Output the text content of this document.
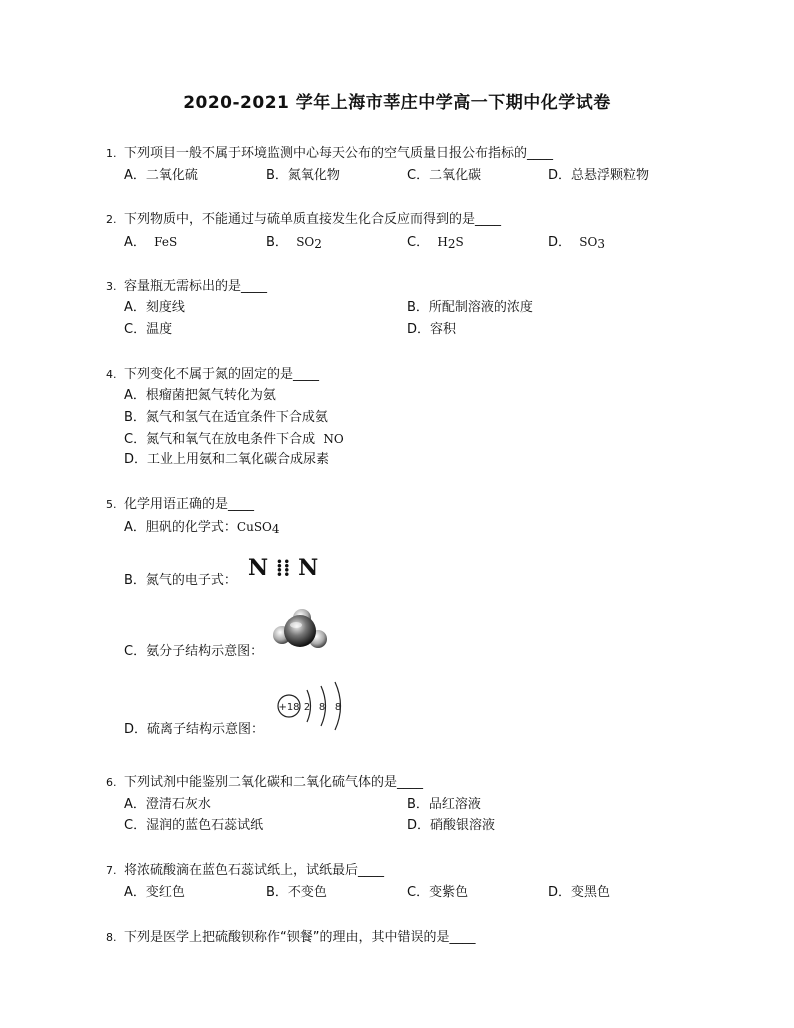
2020-2021 学年上海市莘庄中学高一下期中化学试卷
1. 下列项目一般不属于环境监测中心每天公布的空气质量日报公布指标的____
A．二氧化硫	B．氮氧化物	C．二氧化碳	D．总悬浮颗粒物
2. 下列物质中，不能通过与硫单质直接发生化合反应而得到的是____
A． FeS	B． $SO_2$	C． $H_2S$	D． $SO_3$
3. 容量瓶无需标出的是____
A．刻度线	B．所配制溶液的浓度
C．温度	D．容积
4. 下列变化不属于氮的固定的是____
A．根瘤菌把氮气转化为氨
B．氮气和氢气在适宜条件下合成氨
C．氮气和氧气在放电条件下合成 NO
D．工业上用氨和二氧化碳合成尿素
5. 化学用语正确的是____
A．胆矾的化学式：CuSO$_4$
B．氮气的电子式： N ⁞⁞ N
C．氨分子结构示意图：
D．硫离子结构示意图：
+18 2 8 8
6. 下列试剂中能鉴别二氧化碳和二氧化硫气体的是____
A．澄清石灰水	B．品红溶液
C．湿润的蓝色石蕊试纸	D．硝酸银溶液
7. 将浓硫酸滴在蓝色石蕊试纸上，试纸最后____
A．变红色	B．不变色	C．变紫色	D．变黑色
8. 下列是医学上把硫酸钡称作“钡餐”的理由，其中错误的是____
